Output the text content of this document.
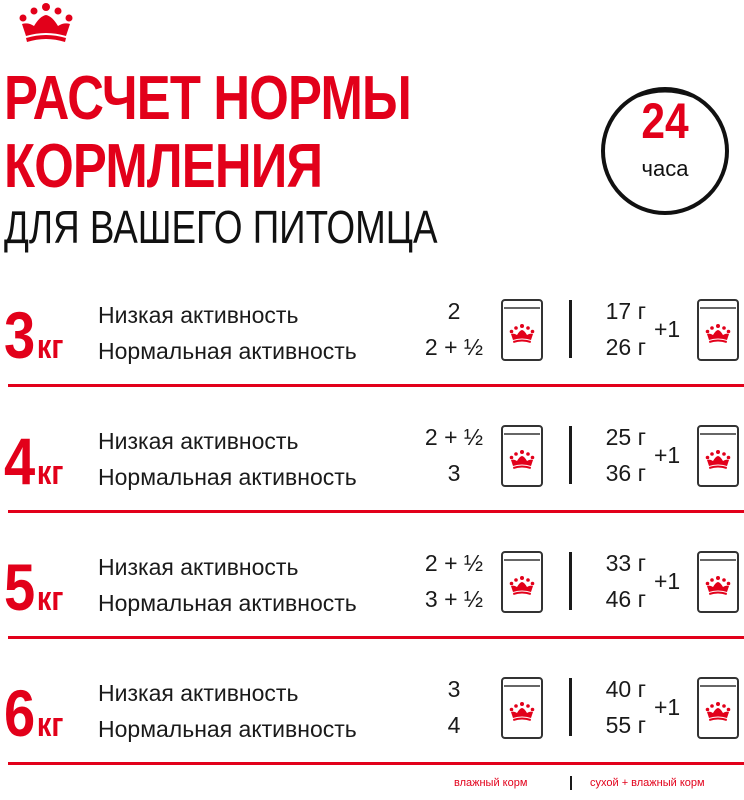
РАСЧЕТ НОРМЫ
КОРМЛЕНИЯ
ДЛЯ ВАШЕГО ПИТОМЦА
24
часа
3кг
Низкая активность
Нормальная активность
2
2 + ½
17 г
26 г
+1
4кг
Низкая активность
Нормальная активность
2 + ½
3
25 г
36 г
+1
5кг
Низкая активность
Нормальная активность
2 + ½
3 + ½
33 г
46 г
+1
6кг
Низкая активность
Нормальная активность
3
4
40 г
55 г
+1
влажный корм	сухой + влажный корм
